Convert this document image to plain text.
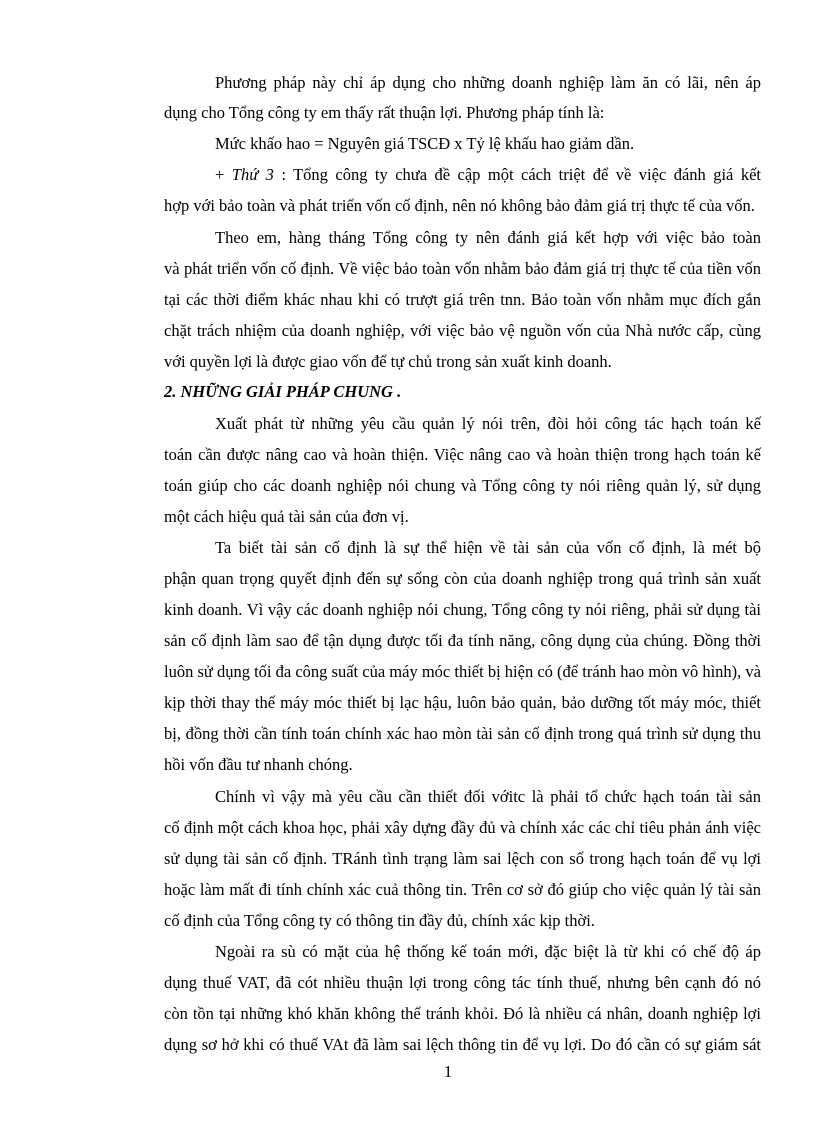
Phương pháp này chỉ áp dụng cho những doanh nghiệp làm ăn có lãi, nên áp
dụng cho Tổng công ty em thấy rất thuận lợi. Phương pháp tính là:
Mức khấo hao = Nguyên giá TSCĐ x Tỷ lệ khấu hao giảm dần.
+ Thứ 3 : Tổng công ty chưa đề cập một cách triệt để về việc đánh giá kết
hợp với bảo toàn và phát triển vốn cố định, nên nó không bảo đảm giá trị thực tế của vốn.
Theo em, hàng tháng Tổng công ty nên đánh giá kết hợp với việc bảo toàn
và phát triển vốn cố định. Về việc bảo toàn vốn nhằm bảo đảm giá trị thực tế của tiền vốn
tại các thời điểm khác nhau khi có trượt giá trên tnn. Bảo toàn vốn nhằm mục đích gắn
chặt trách nhiệm của doanh nghiệp, với việc bảo vệ nguồn vốn của Nhà nước cấp, cùng
với quyền lợi là được giao vốn để tự chủ trong sản xuất kinh doanh.
2. NHỮNG GIẢI PHÁP CHUNG .
Xuất phát từ những yêu cầu quản lý nói trên, đòi hỏi công tác hạch toán kế
toán cần được nâng cao và hoàn thiện. Việc nâng cao và hoàn thiện trong hạch toán kế
toán giúp cho các doanh nghiệp nói chung và Tổng công ty nói riêng quản lý, sử dụng
một cách hiệu quả tài sản của đơn vị.
Ta biết tài sản cố định là sự thể hiện về tài sản của vốn cố định, là mét bộ
phận quan trọng quyết định đến sự sống còn của doanh nghiệp trong quá trình sản xuất
kinh doanh. Vì vậy các doanh nghiệp nói chung, Tổng công ty nói riêng, phải sử dụng tài
sản cố định làm sao để tận dụng được tối đa tính năng, công dụng của chúng. Đồng thời
luôn sử dụng tối đa công suất của máy móc thiết bị hiện có (để tránh hao mòn vô hình), và
kịp thời thay thế máy móc thiết bị lạc hậu, luôn bảo quản, bảo dưỡng tốt máy móc, thiết
bị, đồng thời cần tính toán chính xác hao mòn tài sản cố định trong quá trình sử dụng thu
hồi vốn đầu tư nhanh chóng.
Chính vì vậy mà yêu cầu cần thiết đối vớitc là phải tổ chức hạch toán tài sản
cố định một cách khoa học, phải xây dựng đầy đủ và chính xác các chỉ tiêu phản ánh việc
sử dụng tài sản cố định. TRánh tình trạng làm sai lệch con số trong hạch toán để vụ lợi
hoặc làm mất đi tính chính xác cuả thông tin. Trên cơ sở đó giúp cho việc quản lý tài sản
cố định của Tổng công ty có thông tin đầy đủ, chính xác kịp thời.
Ngoài ra sù có mặt của hệ thống kế toán mới, đặc biệt là từ khi có chế độ áp
dụng thuế VAT, đã cót nhiều thuận lợi trong công tác tính thuế, nhưng bên cạnh đó nó
còn tồn tại những khó khăn không thể tránh khỏi. Đó là nhiều cá nhân, doanh nghiệp lợi
dụng sơ hở khi có thuế VAt đã làm sai lệch thông tin để vụ lợi. Do đó cần có sự giám sát
1
